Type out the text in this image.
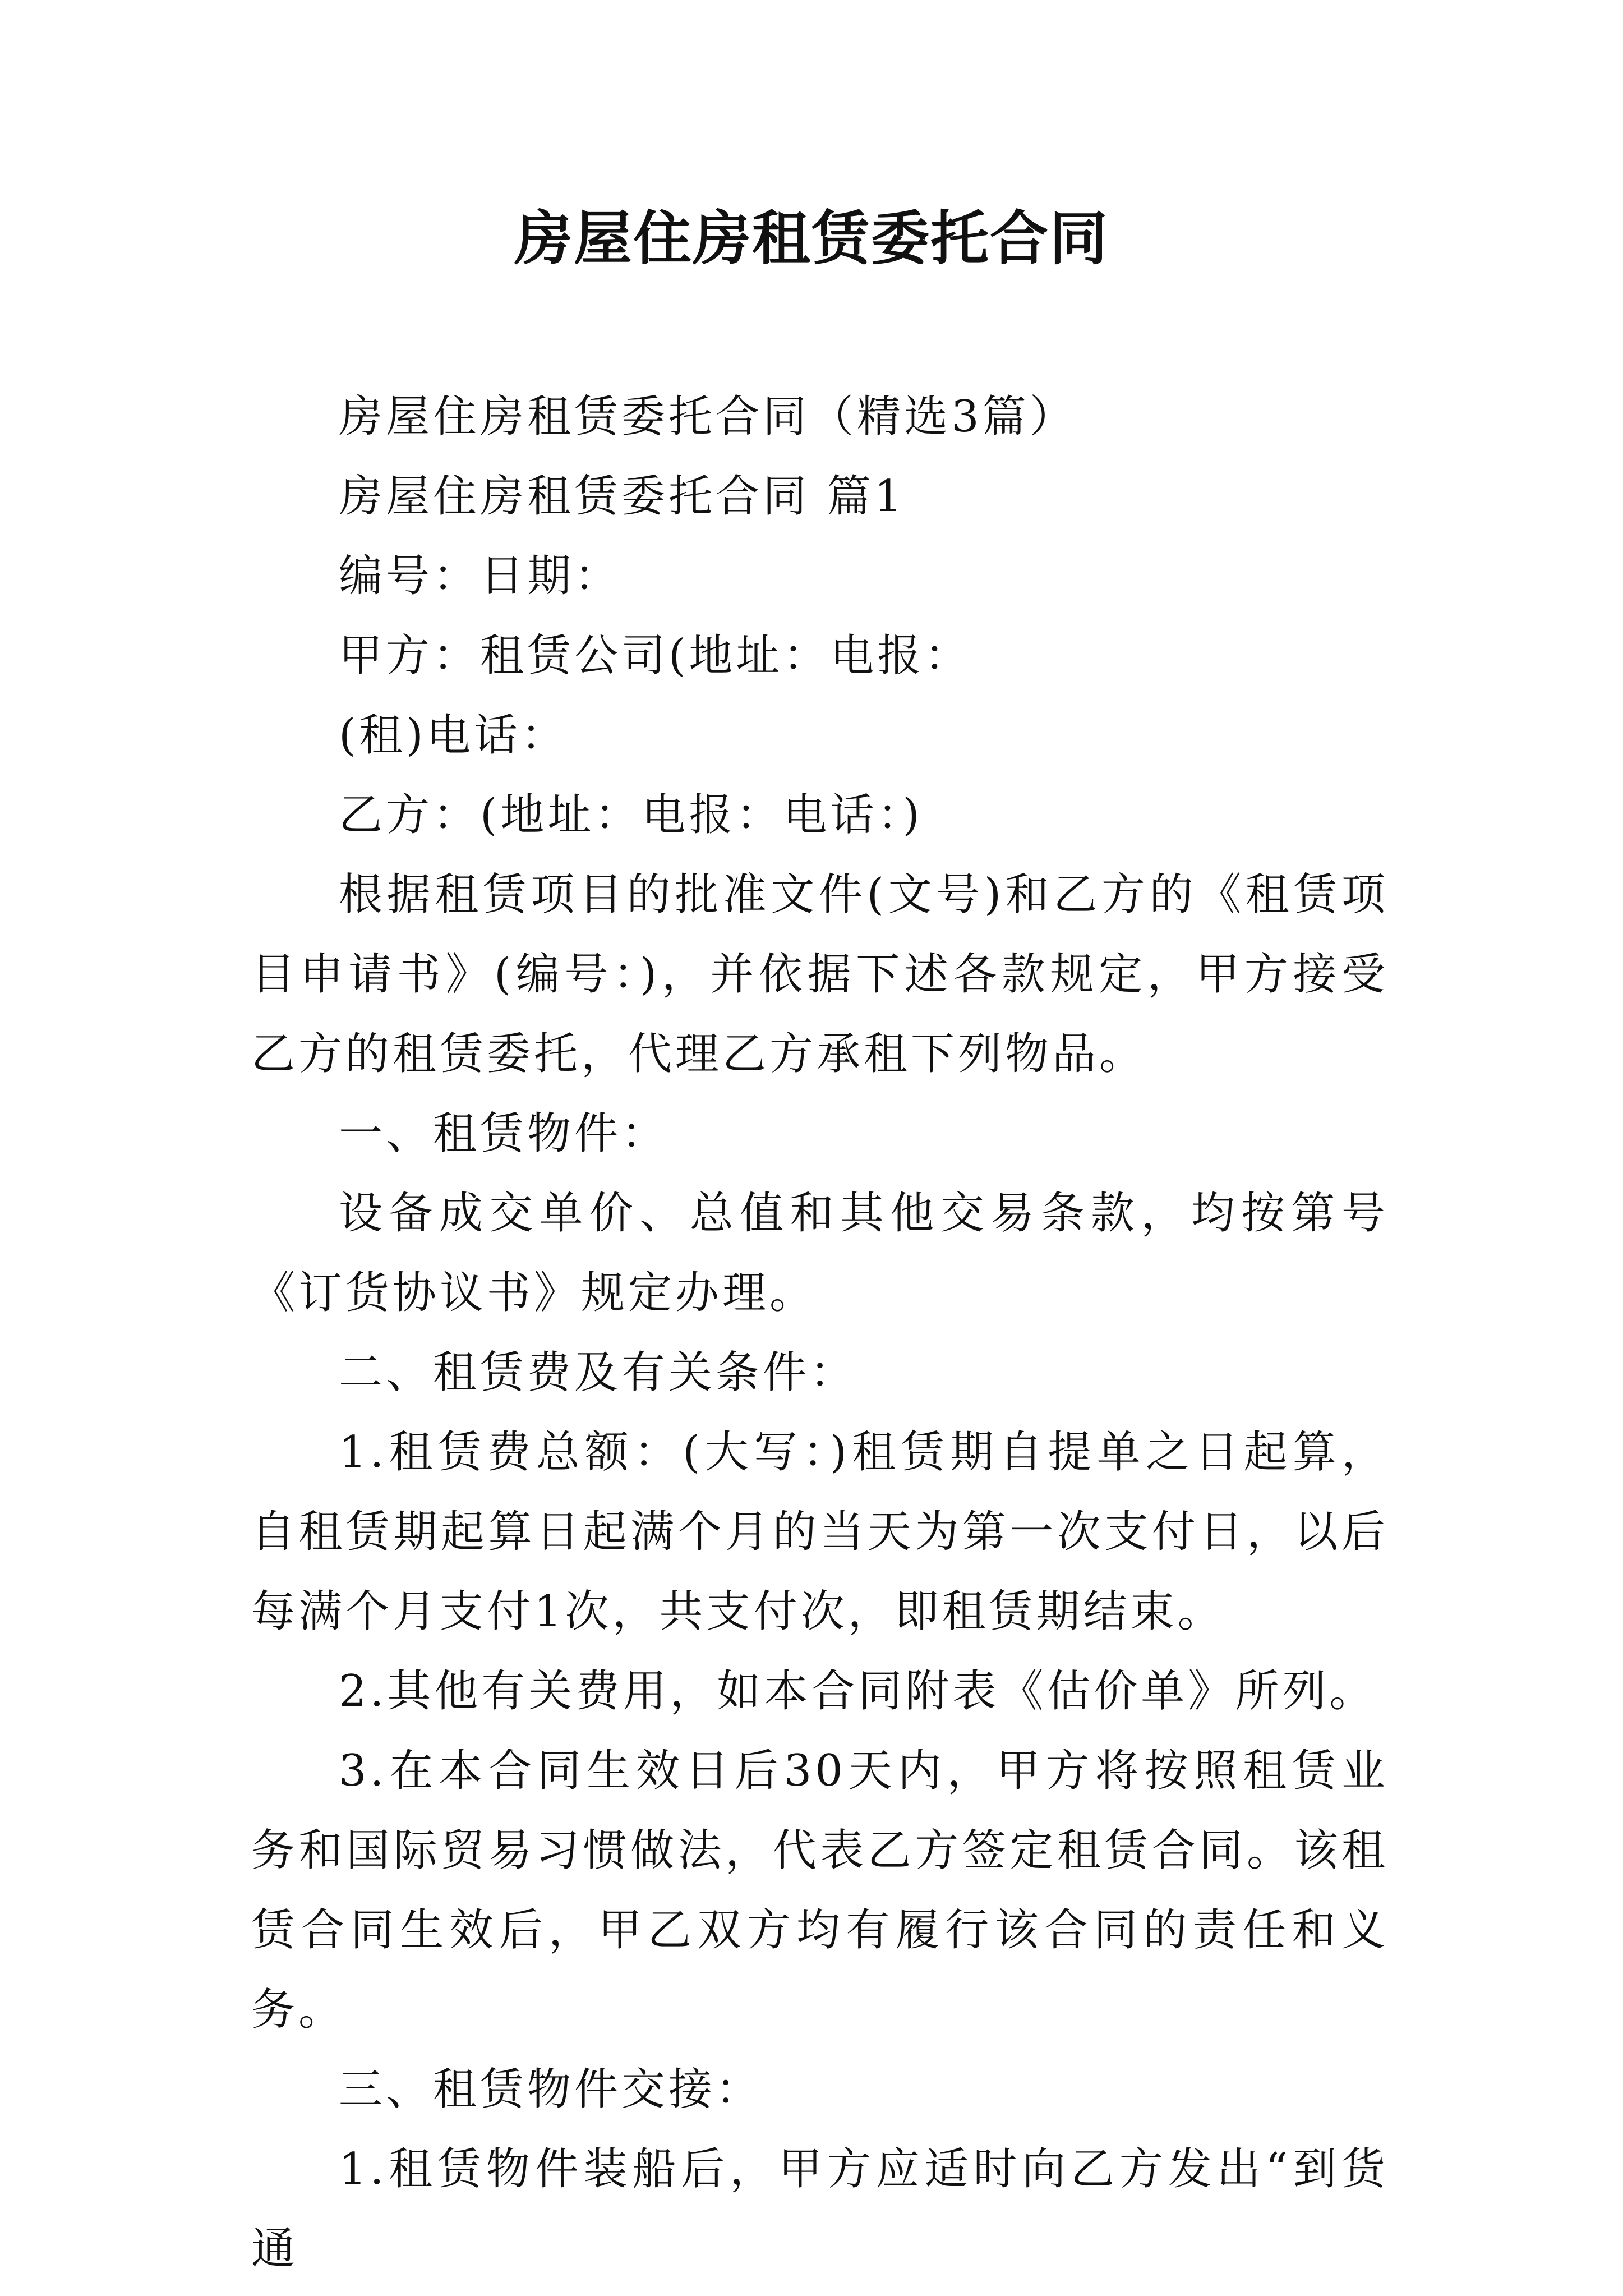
房屋住房租赁委托合同

房屋住房租赁委托合同（精选3篇）

房屋住房租赁委托合同 篇1

编号：日期：

甲方：租赁公司(地址：电报：

(租)电话：

乙方：(地址：电报：电话：)

根据租赁项目的批准文件(文号)和乙方的《租赁项目申请书》(编号：)，并依据下述各款规定，甲方接受乙方的租赁委托，代理乙方承租下列物品。

一、租赁物件：

设备成交单价、总值和其他交易条款，均按第号《订货协议书》规定办理。

二、租赁费及有关条件：

1.租赁费总额：(大写：)租赁期自提单之日起算，自租赁期起算日起满个月的当天为第一次支付日，以后每满个月支付1次，共支付次，即租赁期结束。

2.其他有关费用，如本合同附表《估价单》所列。

3.在本合同生效日后30天内，甲方将按照租赁业务和国际贸易习惯做法，代表乙方签定租赁合同。该租赁合同生效后，甲乙双方均有履行该合同的责任和义务。

三、租赁物件交接：

1.租赁物件装船后，甲方应适时向乙方发出“到货通
